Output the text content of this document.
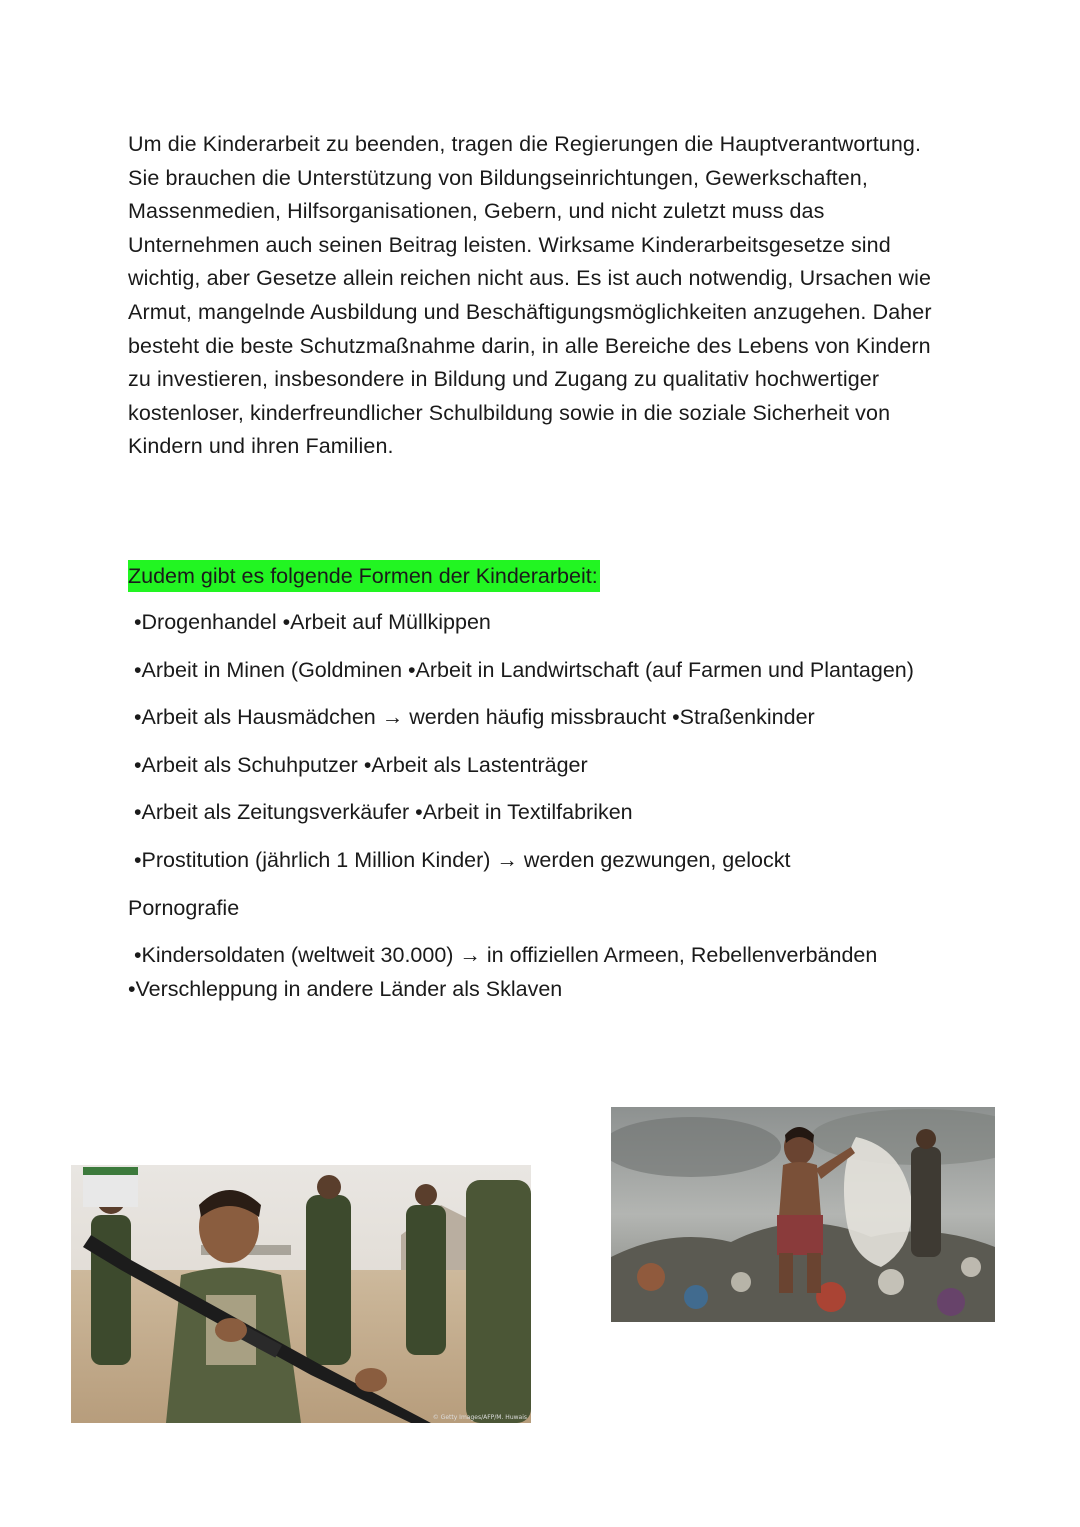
Um die Kinderarbeit zu beenden, tragen die Regierungen die Hauptverantwortung. Sie brauchen die Unterstützung von Bildungseinrichtungen, Gewerkschaften, Massenmedien, Hilfsorganisationen, Gebern, und nicht zuletzt muss das Unternehmen auch seinen Beitrag leisten. Wirksame Kinderarbeitsgesetze sind wichtig, aber Gesetze allein reichen nicht aus. Es ist auch notwendig, Ursachen wie Armut, mangelnde Ausbildung und Beschäftigungsmöglichkeiten anzugehen. Daher besteht die beste Schutzmaßnahme darin, in alle Bereiche des Lebens von Kindern zu investieren, insbesondere in Bildung und Zugang zu qualitativ hochwertiger kostenloser, kinderfreundlicher Schulbildung sowie in die soziale Sicherheit von Kindern und ihren Familien.

Zudem gibt es folgende Formen der Kinderarbeit:

•Drogenhandel •Arbeit auf Müllkippen
•Arbeit in Minen (Goldminen •Arbeit in Landwirtschaft (auf Farmen und Plantagen)
•Arbeit als Hausmädchen → werden häufig missbraucht •Straßenkinder
•Arbeit als Schuhputzer •Arbeit als Lastenträger
•Arbeit als Zeitungsverkäufer •Arbeit in Textilfabriken
•Prostitution (jährlich 1 Million Kinder) → werden gezwungen, gelockt
Pornografie
•Kindersoldaten (weltweit 30.000) → in offiziellen Armeen, Rebellenverbänden •Verschleppung in andere Länder als Sklaven
© Getty Images/AFP/M. Huwais
